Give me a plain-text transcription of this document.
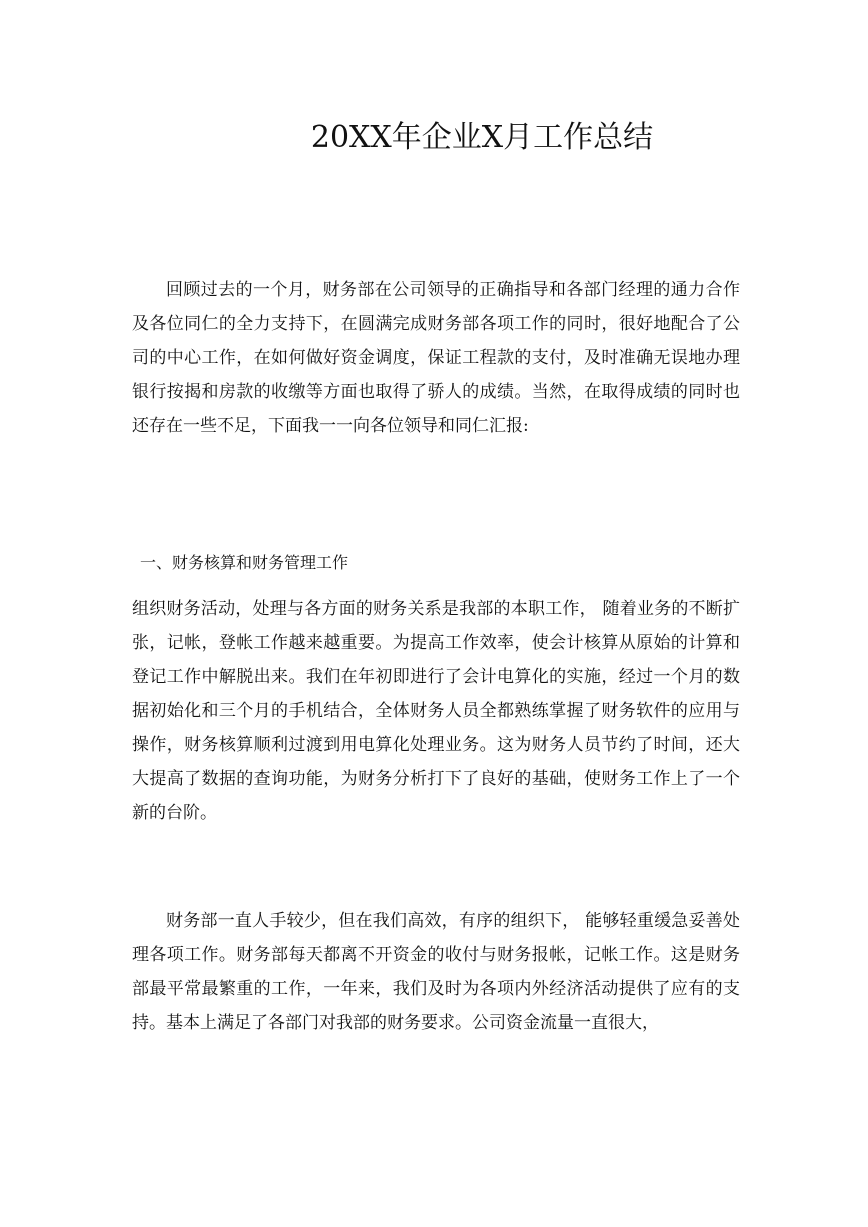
20XX年企业X月工作总结

回顾过去的一个月，财务部在公司领导的正确指导和各部门经理的通力合作及各位同仁的全力支持下，在圆满完成财务部各项工作的同时，很好地配合了公司的中心工作，在如何做好资金调度，保证工程款的支付，及时准确无误地办理银行按揭和房款的收缴等方面也取得了骄人的成绩。当然，在取得成绩的同时也还存在一些不足，下面我一一向各位领导和同仁汇报:

一、财务核算和财务管理工作

组织财务活动，处理与各方面的财务关系是我部的本职工作， 随着业务的不断扩张，记帐，登帐工作越来越重要。为提高工作效率，使会计核算从原始的计算和登记工作中解脱出来。我们在年初即进行了会计电算化的实施，经过一个月的数据初始化和三个月的手机结合，全体财务人员全都熟练掌握了财务软件的应用与操作，财务核算顺利过渡到用电算化处理业务。这为财务人员节约了时间，还大大提高了数据的查询功能，为财务分析打下了良好的基础，使财务工作上了一个新的台阶。

财务部一直人手较少，但在我们高效，有序的组织下， 能够轻重缓急妥善处理各项工作。财务部每天都离不开资金的收付与财务报帐，记帐工作。这是财务部最平常最繁重的工作，一年来，我们及时为各项内外经济活动提供了应有的支持。基本上满足了各部门对我部的财务要求。公司资金流量一直很大，
